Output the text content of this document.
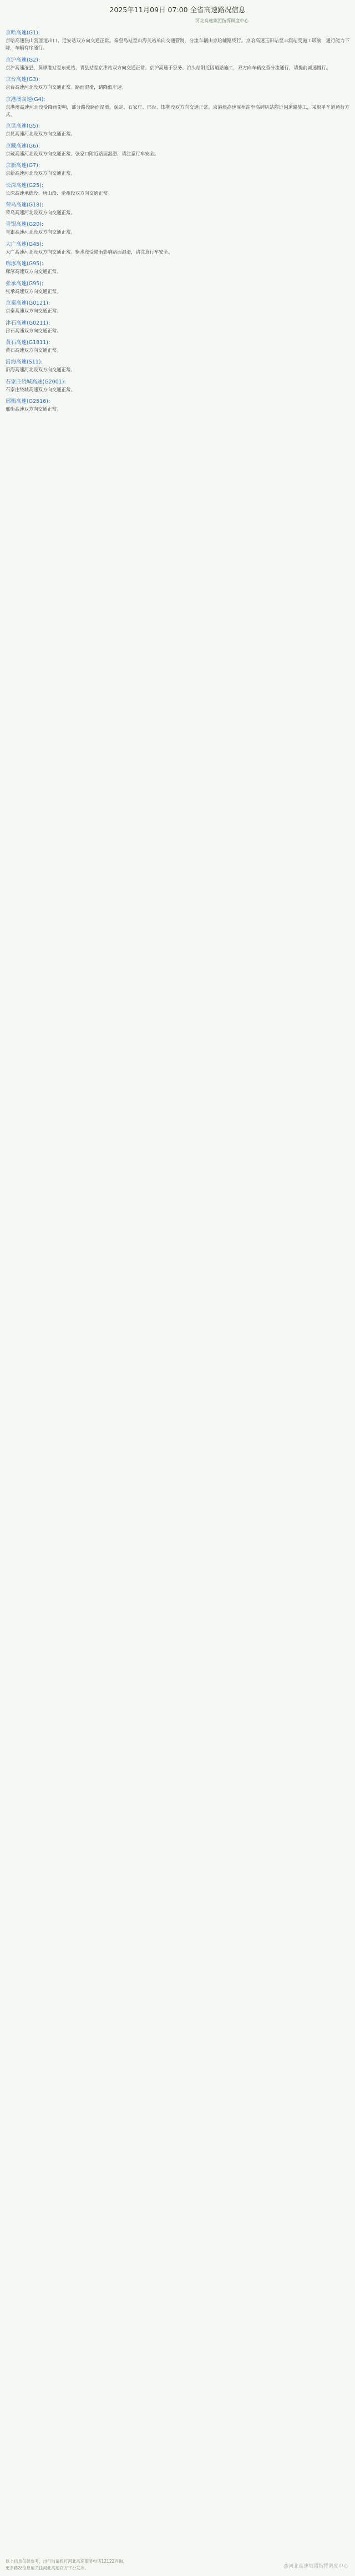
2025年11月09日 07:00 全省高速路况信息
河北高速集团指挥调度中心
京哈高速(G1):

京哈高速张山营匝道出口、迁安站双方向交通正常。秦皇岛站至山海关站单向交通管制，分流车辆由京哈辅路绕行。京哈高速玉田站至丰润站受施工影响，通行能力下降，车辆有序通行。

京沪高速(G2):

京沪高速沧县、黄骅港站至东光站、青县站至京津站双方向交通正常。京沪高速于家务、泊头站附近因道路施工，双方向车辆交替分流通行，请提前减速慢行。

京台高速(G3):

京台高速河北段双方向交通正常。路面湿滑，请降低车速。

京港澳高速(G4):

京港澳高速河北段受降雨影响，部分路段路面湿滑，保定、石家庄、邢台、邯郸段双方向交通正常。京港澳高速涿州站至高碑店站附近因道路施工，采取单车道通行方式。

京昆高速(G5):

京昆高速河北段双方向交通正常。

京藏高速(G6):

京藏高速河北段双方向交通正常。张家口附近路面湿滑，请注意行车安全。

京新高速(G7):

京新高速河北段双方向交通正常。

长深高速(G25):

长深高速承德段、唐山段、沧州段双方向交通正常。

荣乌高速(G18):

荣乌高速河北段双方向交通正常。

青银高速(G20):

青银高速河北段双方向交通正常。

大广高速(G45):

大广高速河北段双方向交通正常。衡水段受降雨影响路面湿滑，请注意行车安全。

廊涿高速(G95):

廊涿高速双方向交通正常。

张承高速(G95):

张承高速双方向交通正常。

京秦高速(G0121):

京秦高速双方向交通正常。

津石高速(G0211):

津石高速双方向交通正常。

黄石高速(G1811):

黄石高速双方向交通正常。

沿海高速(S11):

沿海高速河北段双方向交通正常。

石家庄绕城高速(G2001):

石家庄绕城高速双方向交通正常。

邢衡高速(G2516):

邢衡高速双方向交通正常。

以上信息仅供参考，出行前请拨打河北高速服务电话12122咨询。
更多路况信息请关注河北高速官方平台发布。	@河北高速集团指挥调度中心
